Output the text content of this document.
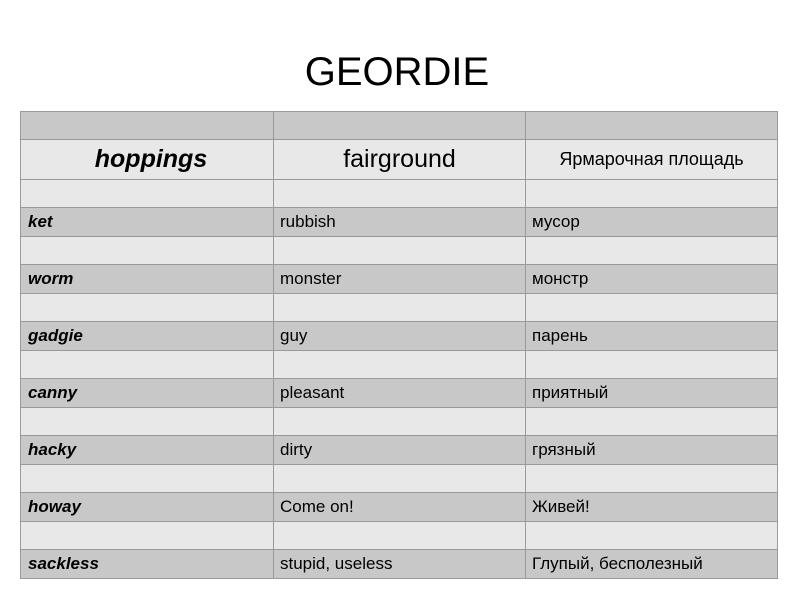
GEORDIE
hoppings	fairground	Ярмарочная площадь
ket	rubbish	мусор
worm	monster	монстр
gadgie	guy	парень
canny	pleasant	приятный
hacky	dirty	грязный
howay	Come on!	Живей!
sackless	stupid, useless	Глупый, бесполезный
